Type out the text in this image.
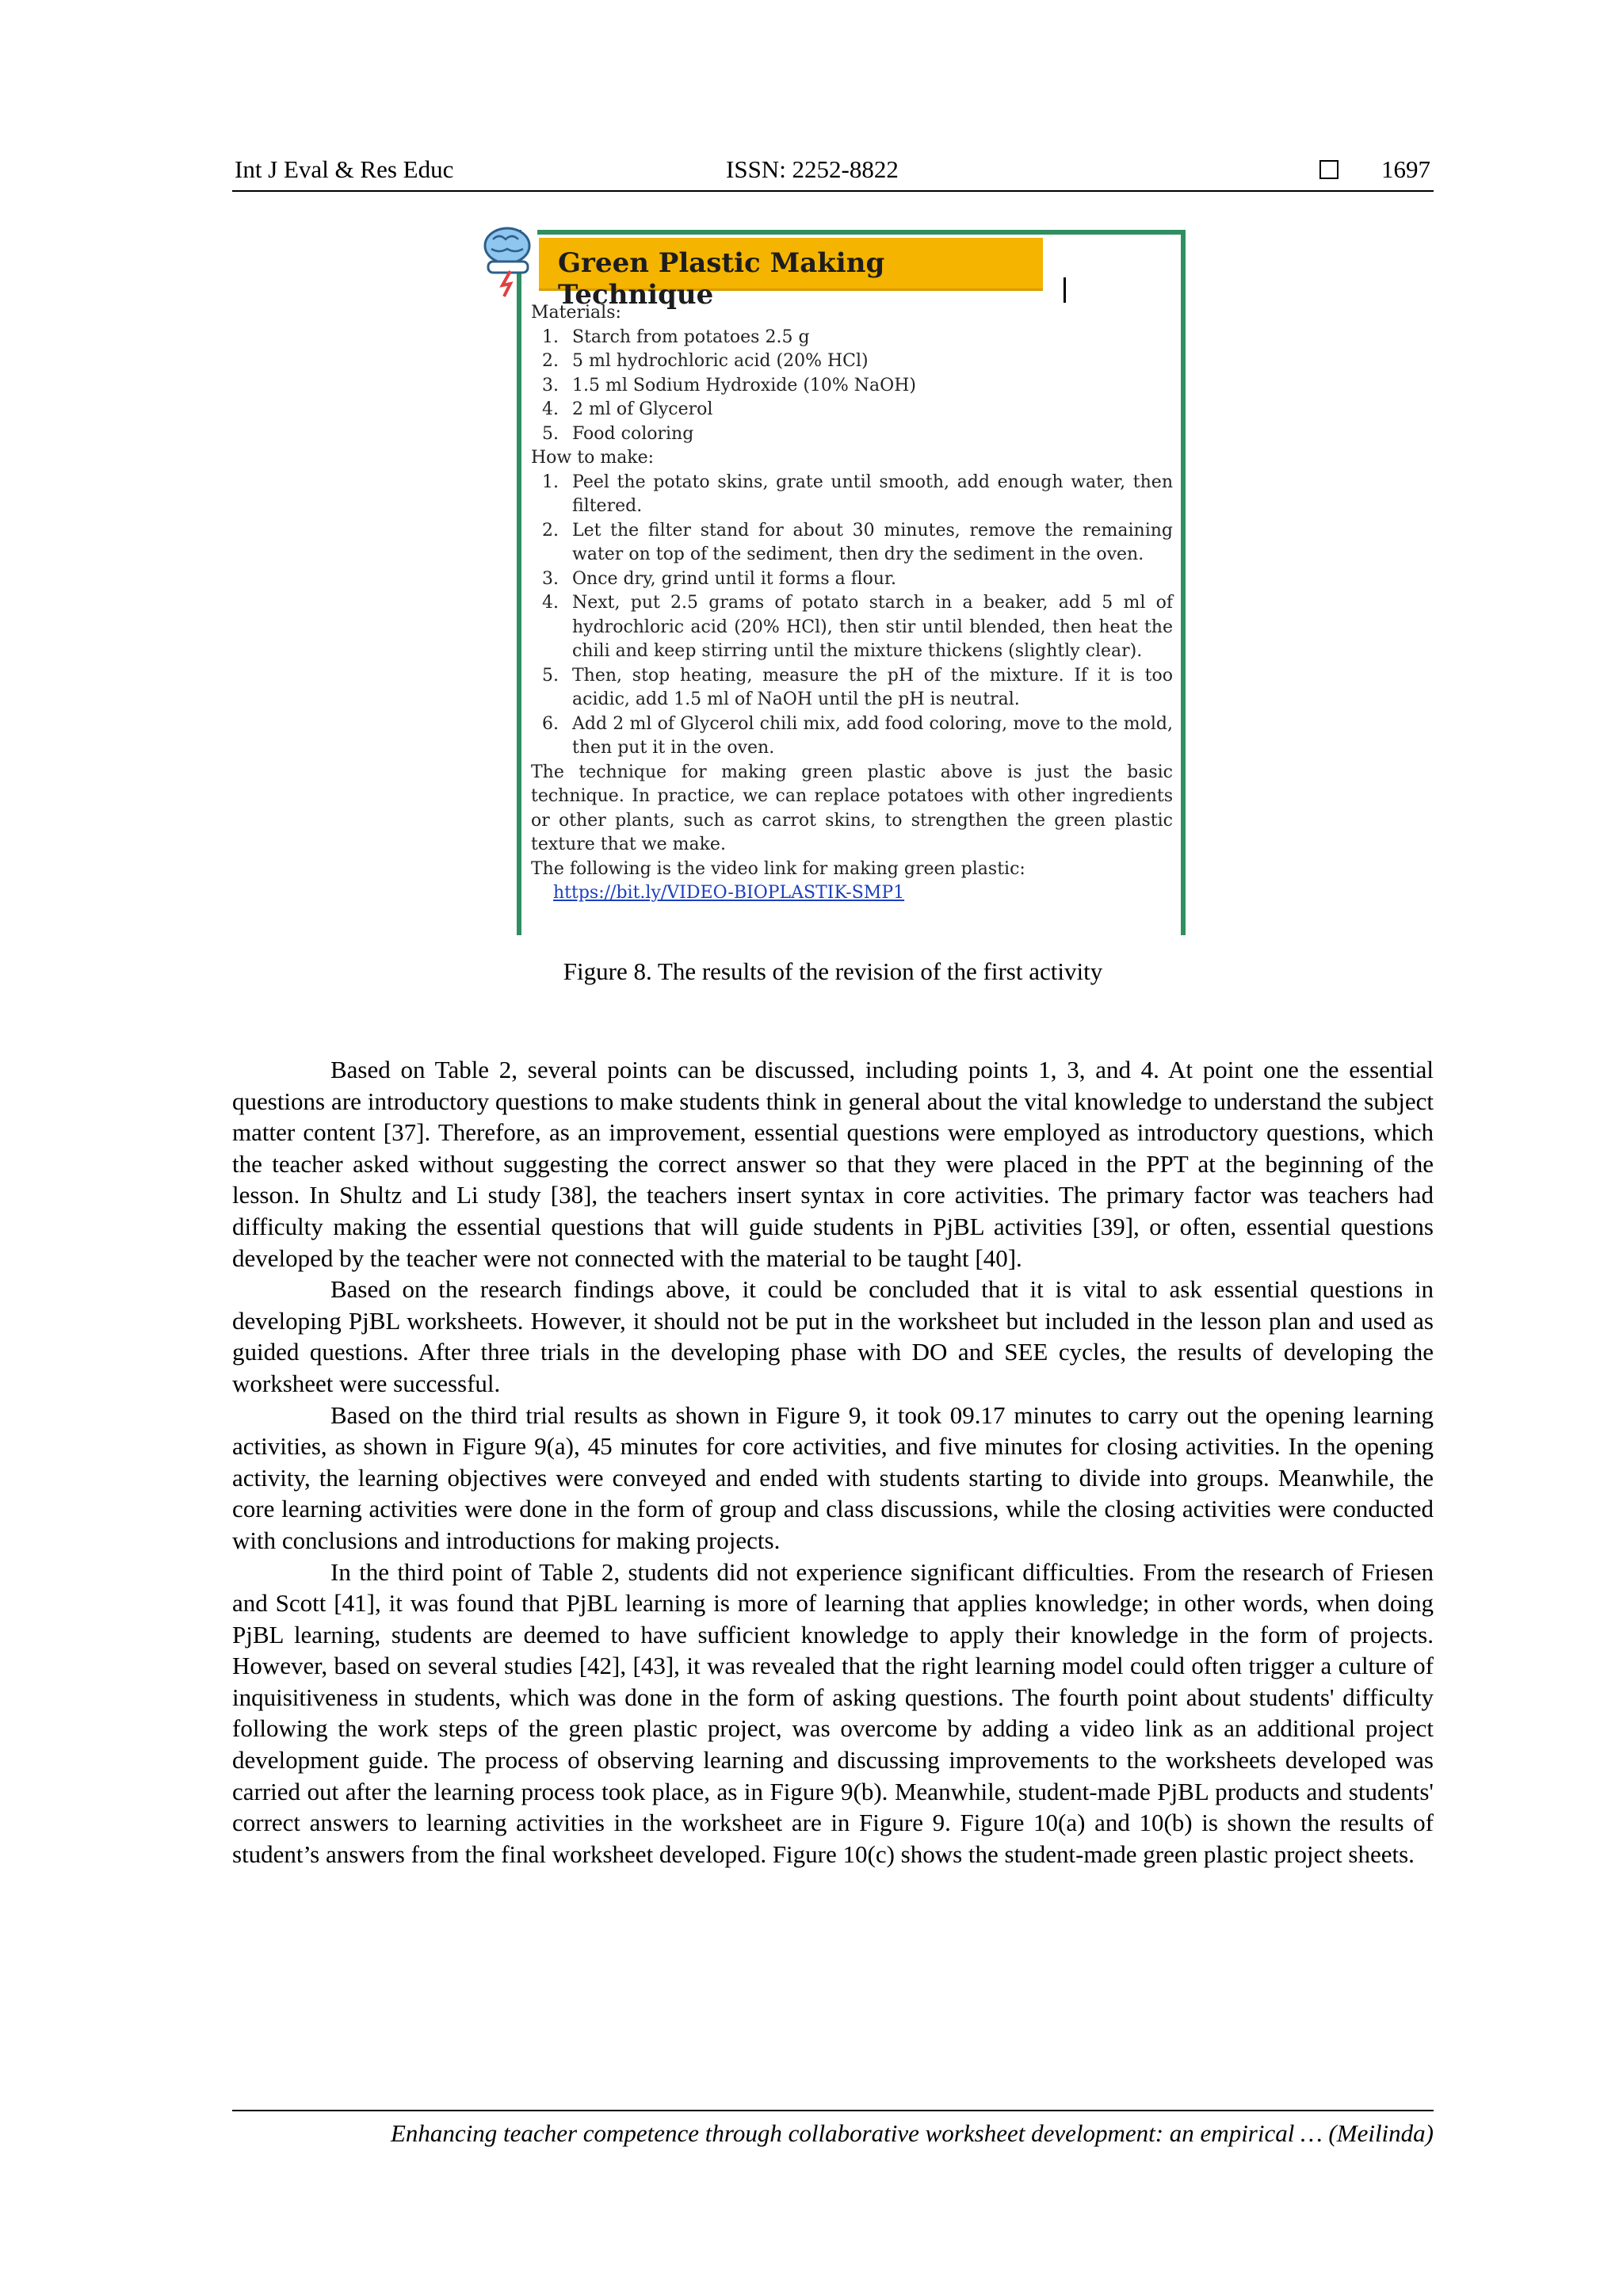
Int J Eval & Res Educ	ISSN: 2252-8822	1697
Green Plastic Making Technique

Materials:

1. Starch from potatoes 2.5 g
2. 5 ml hydrochloric acid (20% HCl)
3. 1.5 ml Sodium Hydroxide (10% NaOH)
4. 2 ml of Glycerol
5. Food coloring

How to make:

1. Peel the potato skins, grate until smooth, add enough water, then filtered.
2. Let the filter stand for about 30 minutes, remove the remaining water on top of the sediment, then dry the sediment in the oven.
3. Once dry, grind until it forms a flour.
4. Next, put 2.5 grams of potato starch in a beaker, add 5 ml of hydrochloric acid (20% HCl), then stir until blended, then heat the chili and keep stirring until the mixture thickens (slightly clear).
5. Then, stop heating, measure the pH of the mixture. If it is too acidic, add 1.5 ml of NaOH until the pH is neutral.
6. Add 2 ml of Glycerol chili mix, add food coloring, move to the mold, then put it in the oven.

The technique for making green plastic above is just the basic technique. In practice, we can replace potatoes with other ingredients or other plants, such as carrot skins, to strengthen the green plastic texture that we make.

The following is the video link for making green plastic:

https://bit.ly/VIDEO-BIOPLASTIK-SMP1

Figure 8. The results of the revision of the first activity

Based on Table 2, several points can be discussed, including points 1, 3, and 4. At point one the essential questions are introductory questions to make students think in general about the vital knowledge to understand the subject matter content [37]. Therefore, as an improvement, essential questions were employed as introductory questions, which the teacher asked without suggesting the correct answer so that they were placed in the PPT at the beginning of the lesson. In Shultz and Li study [38], the teachers insert syntax in core activities. The primary factor was teachers had difficulty making the essential questions that will guide students in PjBL activities [39], or often, essential questions developed by the teacher were not connected with the material to be taught [40].

Based on the research findings above, it could be concluded that it is vital to ask essential questions in developing PjBL worksheets. However, it should not be put in the worksheet but included in the lesson plan and used as guided questions. After three trials in the developing phase with DO and SEE cycles, the results of developing the worksheet were successful.

Based on the third trial results as shown in Figure 9, it took 09.17 minutes to carry out the opening learning activities, as shown in Figure 9(a), 45 minutes for core activities, and five minutes for closing activities. In the opening activity, the learning objectives were conveyed and ended with students starting to divide into groups. Meanwhile, the core learning activities were done in the form of group and class discussions, while the closing activities were conducted with conclusions and introductions for making projects.

In the third point of Table 2, students did not experience significant difficulties. From the research of Friesen and Scott [41], it was found that PjBL learning is more of learning that applies knowledge; in other words, when doing PjBL learning, students are deemed to have sufficient knowledge to apply their knowledge in the form of projects. However, based on several studies [42], [43], it was revealed that the right learning model could often trigger a culture of inquisitiveness in students, which was done in the form of asking questions. The fourth point about students' difficulty following the work steps of the green plastic project, was overcome by adding a video link as an additional project development guide. The process of observing learning and discussing improvements to the worksheets developed was carried out after the learning process took place, as in Figure 9(b). Meanwhile, student-made PjBL products and students' correct answers to learning activities in the worksheet are in Figure 9. Figure 10(a) and 10(b) is shown the results of student’s answers from the final worksheet developed. Figure 10(c) shows the student-made green plastic project sheets.

Enhancing teacher competence through collaborative worksheet development: an empirical … (Meilinda)
